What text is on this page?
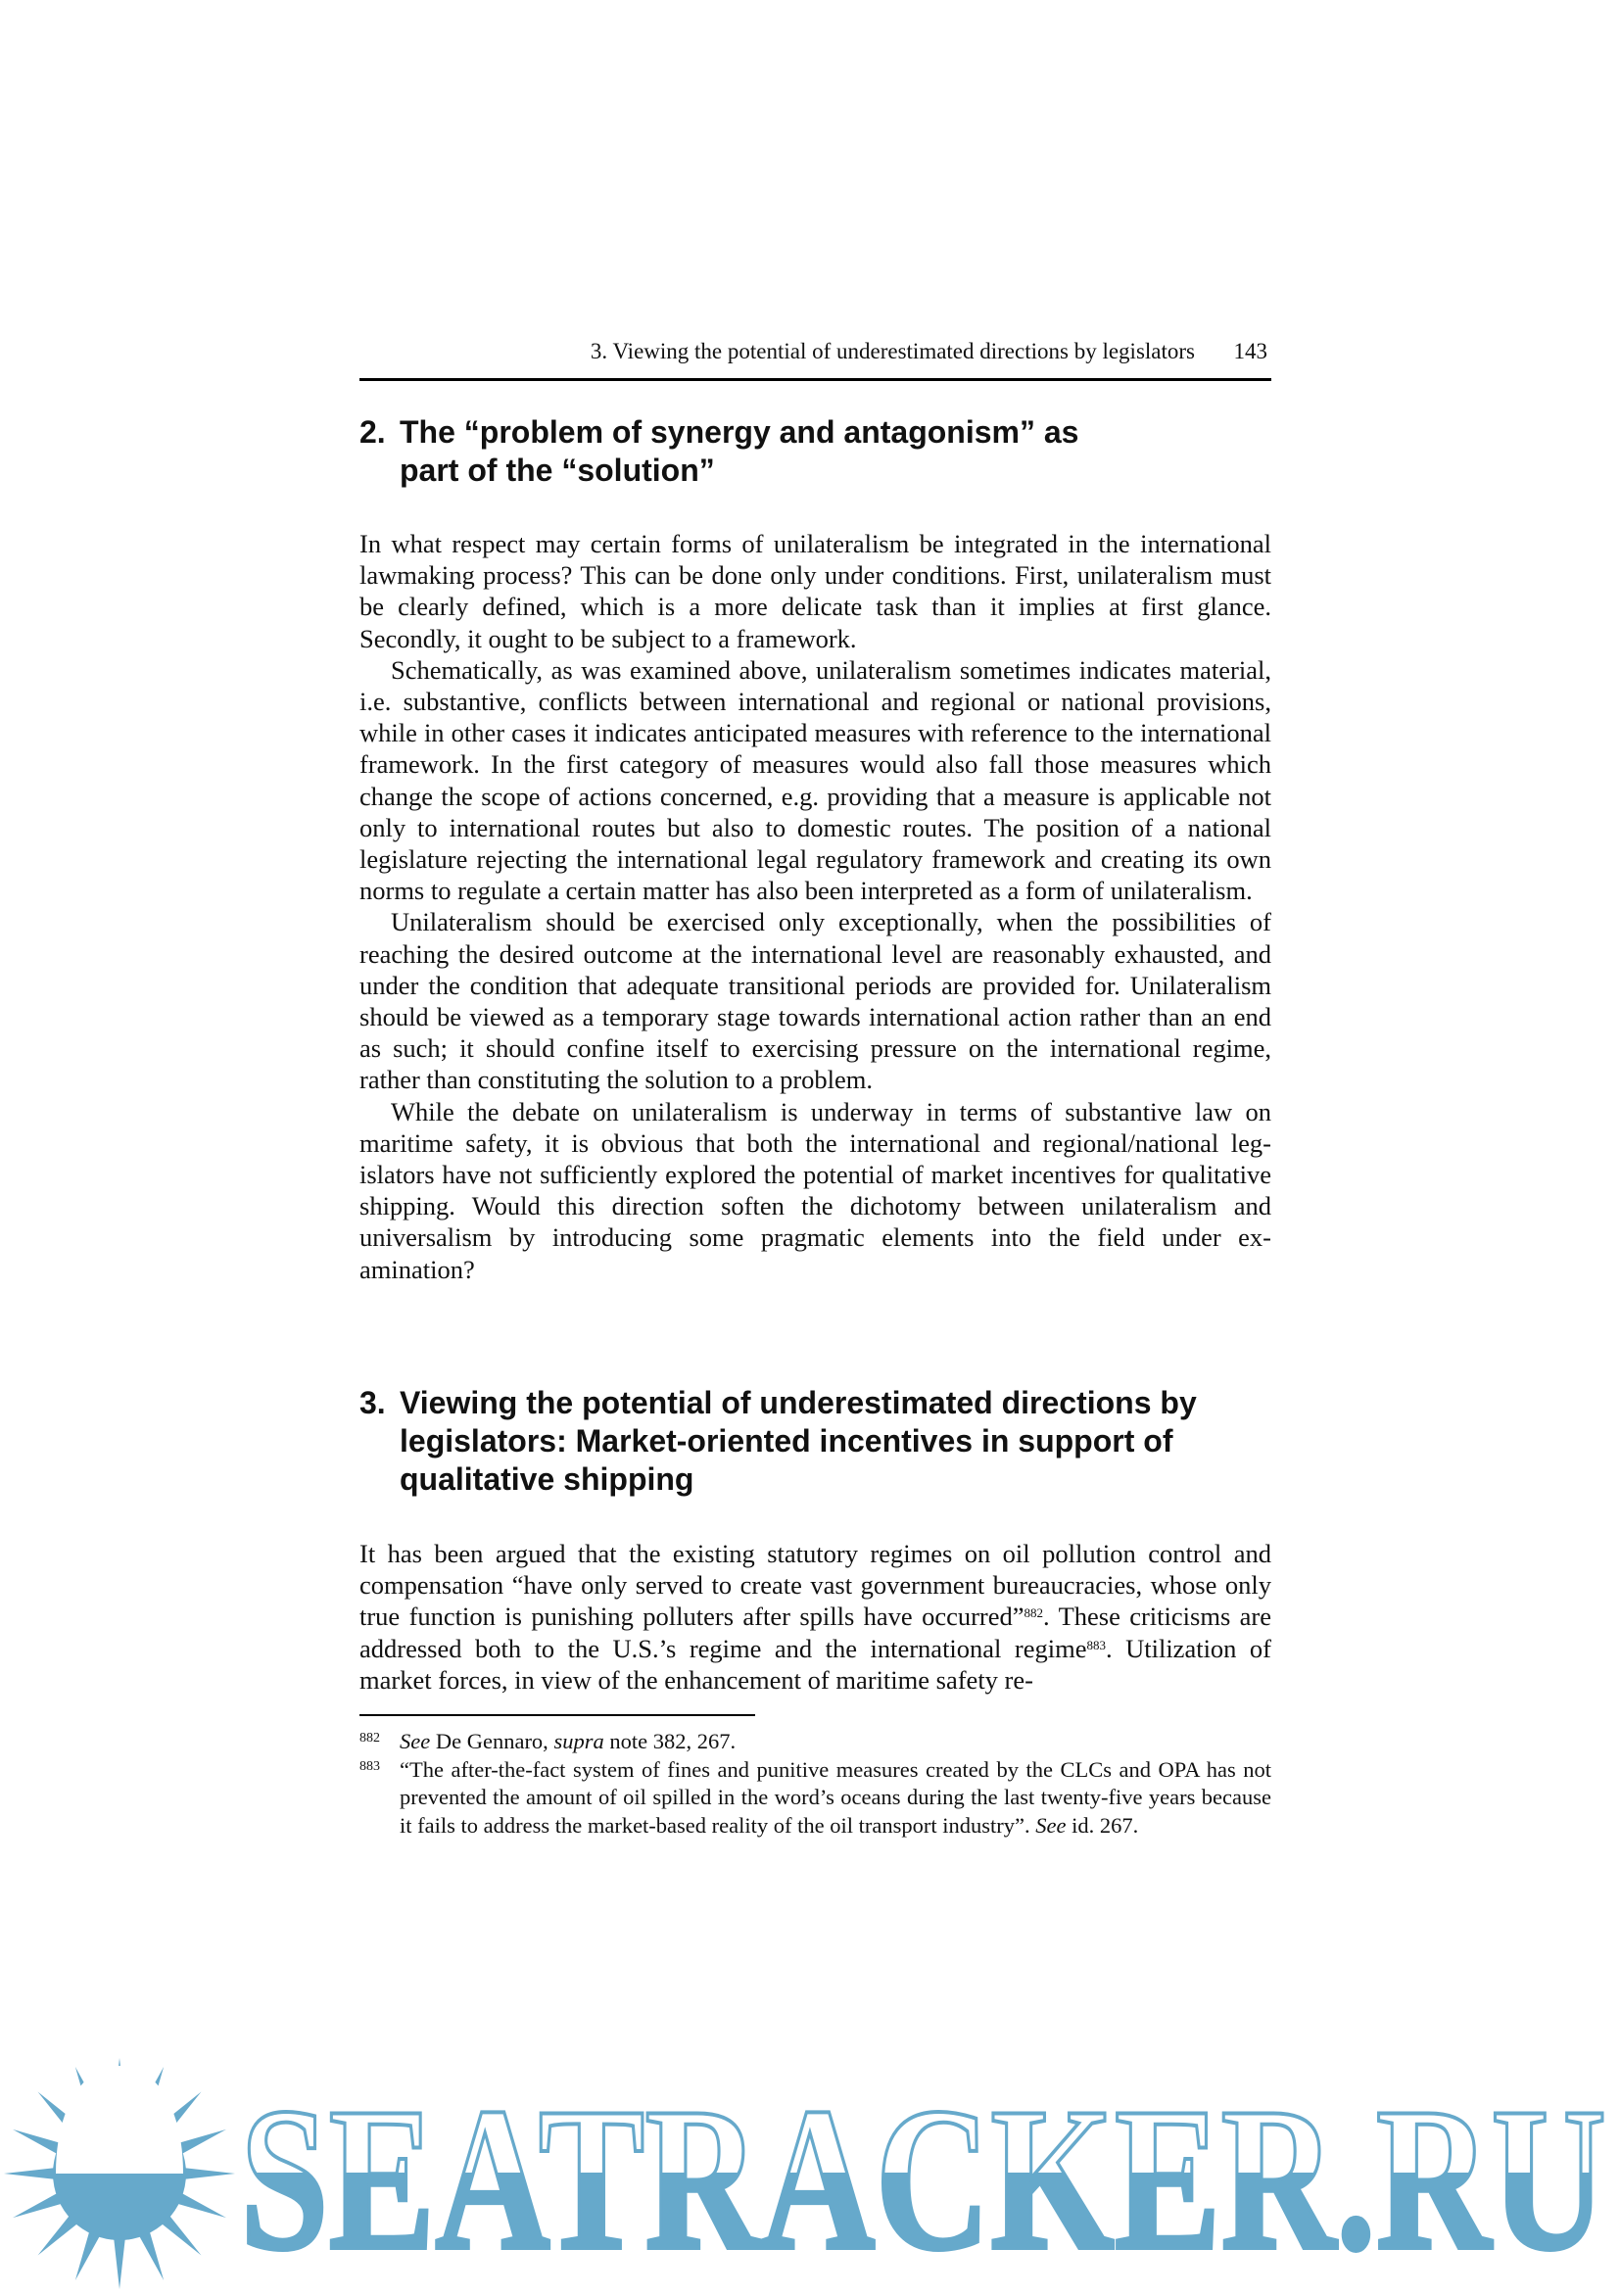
3. Viewing the potential of underestimated directions by legislators 143
2. The “problem of synergy and antagonism” as part of the “solution”

In what respect may certain forms of unilateralism be integrated in the international lawmaking process? This can be done only under conditions. First, unilateralism must be clearly defined, which is a more delicate task than it implies at first glance. Secondly, it ought to be subject to a framework.

Schematically, as was examined above, unilateralism sometimes indicates material, i.e. substantive, conflicts between international and regional or national provisions, while in other cases it indicates anticipated measures with reference to the international framework. In the first category of measures would also fall those measures which change the scope of actions concerned, e.g. providing that a measure is applicable not only to international routes but also to domestic routes. The position of a national legislature rejecting the international legal regulatory framework and creating its own norms to regulate a certain matter has also been interpreted as a form of unilateralism.

Unilateralism should be exercised only exceptionally, when the possibilities of reaching the desired outcome at the international level are reasonably exhausted, and under the condition that adequate transitional periods are provided for. Unilateralism should be viewed as a temporary stage towards international action rather than an end as such; it should confine itself to exercising pressure on the international regime, rather than constituting the solution to a problem.

While the debate on unilateralism is underway in terms of substantive law on maritime safety, it is obvious that both the international and regional/national legislators have not sufficiently explored the potential of market incentives for qualitative shipping. Would this direction soften the dichotomy between unilateralism and universalism by introducing some pragmatic elements into the field under examination?

3. Viewing the potential of underestimated directions by legislators: Market-oriented incentives in support of qualitative shipping

It has been argued that the existing statutory regimes on oil pollution control and compensation “have only served to create vast government bureaucracies, whose only true function is punishing polluters after spills have occurred”$^{882}$. These criticisms are addressed both to the U.S.’s regime and the international regime$^{883}$. Utilization of market forces, in view of the enhancement of maritime safety re-

882 See De Gennaro, supra note 382, 267.
883 “The after-the-fact system of fines and punitive measures created by the CLCs and OPA has not prevented the amount of oil spilled in the word’s oceans during the last twenty-five years because it fails to address the market-based reality of the oil transport industry”. See id. 267.
SEATRACKER.RU
